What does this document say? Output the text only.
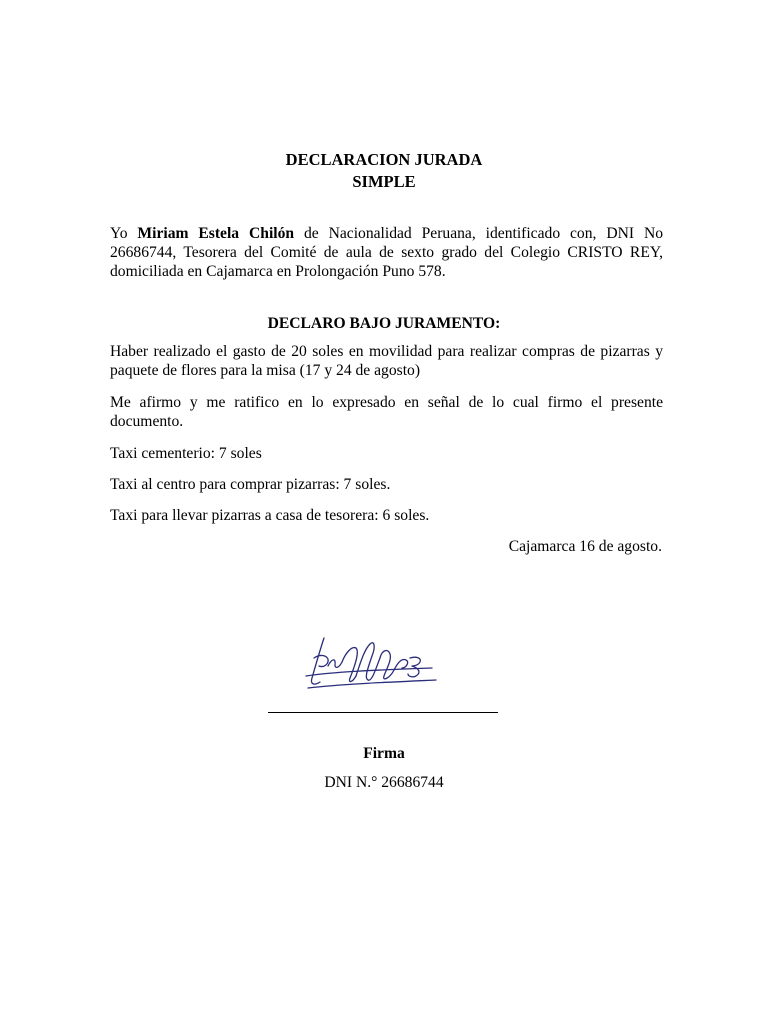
DECLARACION JURADA
SIMPLE
Yo Miriam Estela Chilón de Nacionalidad Peruana, identificado con, DNI No 26686744, Tesorera del Comité de aula de sexto grado del Colegio CRISTO REY, domiciliada en Cajamarca en Prolongación Puno 578.
DECLARO BAJO JURAMENTO:
Haber realizado el gasto de 20 soles en movilidad para realizar compras de pizarras y paquete de flores para la misa (17 y 24 de agosto)
Me afirmo y me ratifico en lo expresado en señal de lo cual firmo el presente documento.
Taxi cementerio: 7 soles
Taxi al centro para comprar pizarras: 7 soles.
Taxi para llevar pizarras a casa de tesorera: 6 soles.
Cajamarca 16 de agosto.
Firma
DNI N.° 26686744
